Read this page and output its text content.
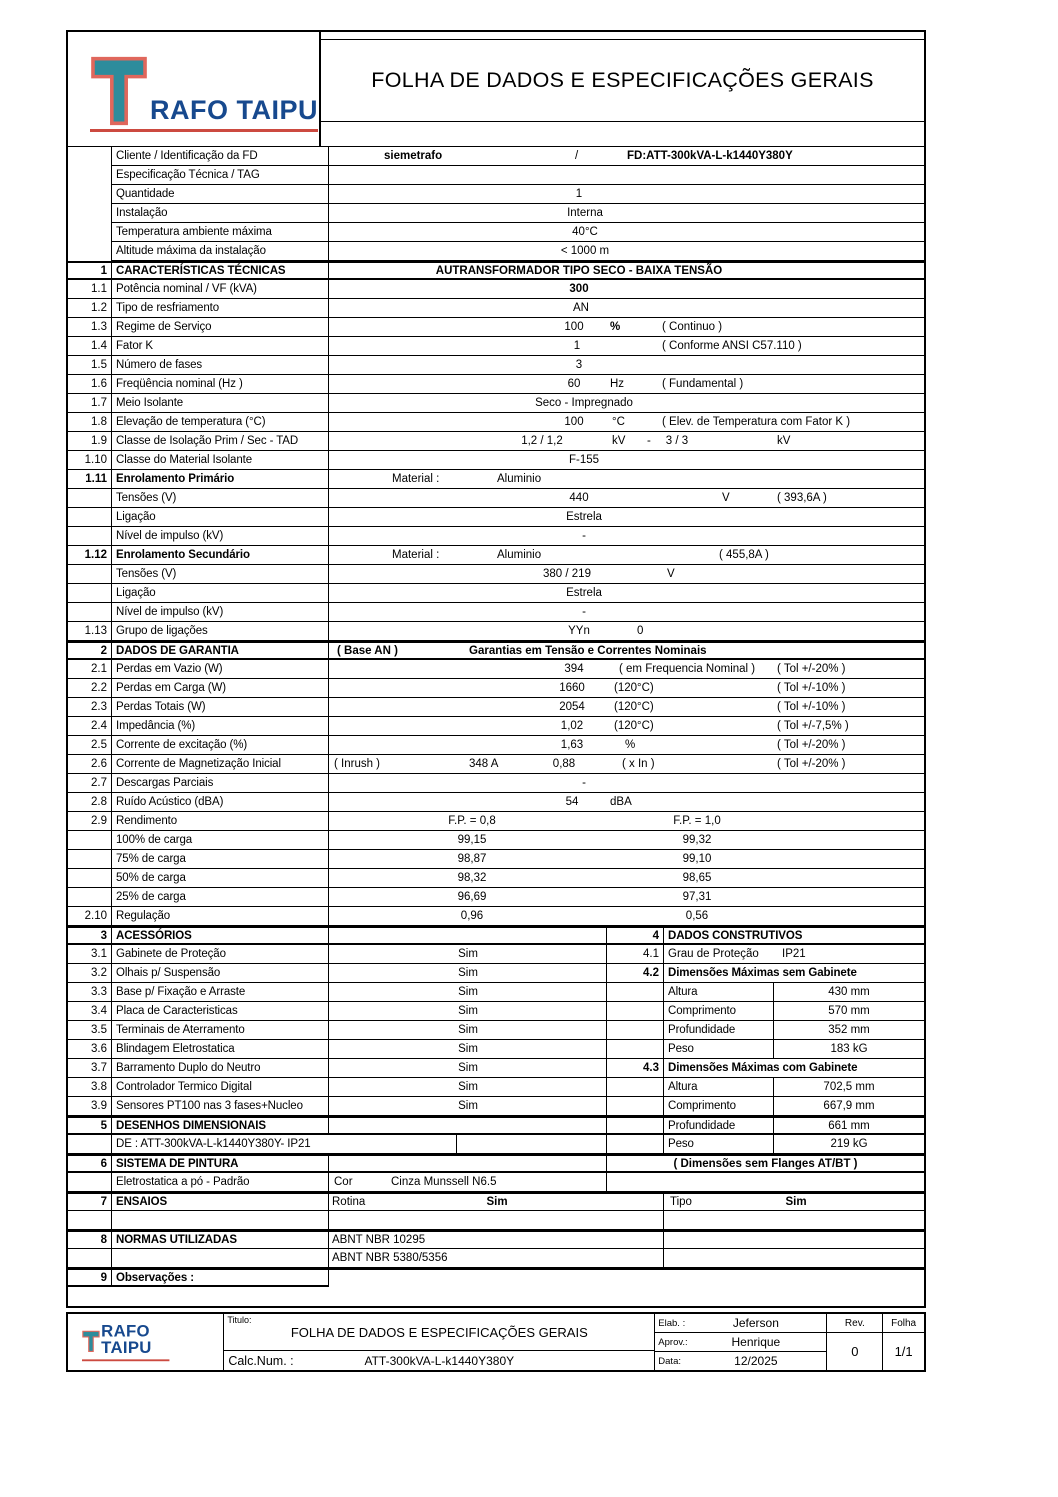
RAFO TAIPU
FOLHA DE DADOS E ESPECIFICAÇÕES GERAIS
Cliente / Identificação da FD	siemetrafo	/	FD:ATT-300kVA-L-k1440Y380Y
Especificação Técnica / TAG
Quantidade	1
Instalação	Interna
Temperatura ambiente máxima	40°C
Altitude máxima da instalação	< 1000 m
1 CARACTERÍSTICAS TÉCNICAS	AUTRANSFORMADOR TIPO SECO - BAIXA TENSÃO
1.1 Potência nominal / VF (kVA)	300
1.2 Tipo de resfriamento	AN
1.3 Regime de Serviço	100 %	( Continuo )
1.4 Fator K	1	( Conforme ANSI C57.110 )
1.5 Número de fases	3
1.6 Freqüência nominal (Hz )	60	Hz	( Fundamental )
1.7 Meio Isolante	Seco - Impregnado
1.8 Elevação de temperatura (°C)	100 °C	( Elev. de Temperatura com Fator K )
1.9 Classe de Isolação Prim / Sec - TAD	1,2 / 1,2	kV - 3 / 3	kV
1.10 Classe do Material Isolante	F-155
1.11 Enrolamento Primário	Material :	Aluminio
Tensões (V)	440	V	( 393,6A )
Ligação	Estrela
Nível de impulso (kV)	-
1.12 Enrolamento Secundário	Material :	Aluminio	( 455,8A )
Tensões (V)	380 / 219	V
Ligação	Estrela
Nível de impulso (kV)	-
1.13 Grupo de ligações	YYn	0
2 DADOS DE GARANTIA	( Base AN )	Garantias em Tensão e Correntes Nominais
2.1 Perdas em Vazio (W)	394	( em Frequencia Nominal ) ( Tol +/-20% )
2.2 Perdas em Carga (W)	1660	(120°C)	( Tol +/-10% )
2.3 Perdas Totais (W)	2054	(120°C)	( Tol +/-10% )
2.4 Impedância (%)	1,02	(120°C)	( Tol +/-7,5% )
2.5 Corrente de excitação (%)	1,63	%	( Tol +/-20% )
2.6 Corrente de Magnetização Inicial	( Inrush )	348 A	0,88	( x In )	( Tol +/-20% )
2.7 Descargas Parciais	-
2.8 Ruído Acústico (dBA)	54	dBA
2.9 Rendimento	F.P. = 0,8	F.P. = 1,0
100% de carga	99,15	99,32
75% de carga	98,87	99,10
50% de carga	98,32	98,65
25% de carga	96,69	97,31
2.10 Regulação	0,96	0,56
3 ACESSÓRIOS	4 DADOS CONSTRUTIVOS
3.1 Gabinete de Proteção	Sim	4.1 Grau de Proteção IP21
3.2 Olhais p/ Suspensão	Sim	4.2 Dimensões Máximas sem Gabinete
3.3 Base p/ Fixação e Arraste	Sim	Altura	430 mm
3.4 Placa de Caracteristicas	Sim	Comprimento	570 mm
3.5 Terminais de Aterramento	Sim	Profundidade	352 mm
3.6 Blindagem Eletrostatica	Sim	Peso	183 kG
3.7 Barramento Duplo do Neutro	Sim	4.3 Dimensões Máximas com Gabinete
3.8 Controlador Termico Digital	Sim	Altura	702,5 mm
3.9 Sensores PT100 nas 3 fases+Nucleo	Sim	Comprimento	667,9 mm
5 DESENHOS DIMENSIONAIS	Profundidade	661 mm
DE : ATT-300kVA-L-k1440Y380Y- IP21	Peso	219 kG
6 SISTEMA DE PINTURA	( Dimensões sem Flanges AT/BT )
Eletrostatica a pó - Padrão	Cor	Cinza Munssell N6.5
7 ENSAIOS	Rotina	Sim	Tipo	Sim
8 NORMAS UTILIZADAS	ABNT NBR 10295
ABNT NBR 5380/5356
9 Observações :
RAFO TAIPU
Titulo:
FOLHA DE DADOS E ESPECIFICAÇÕES GERAIS
Calc.Num. :	ATT-300kVA-L-k1440Y380Y
Elab. :	Jeferson
Aprov.:	Henrique
Data:	12/2025
Rev.
0
Folha
1/1
